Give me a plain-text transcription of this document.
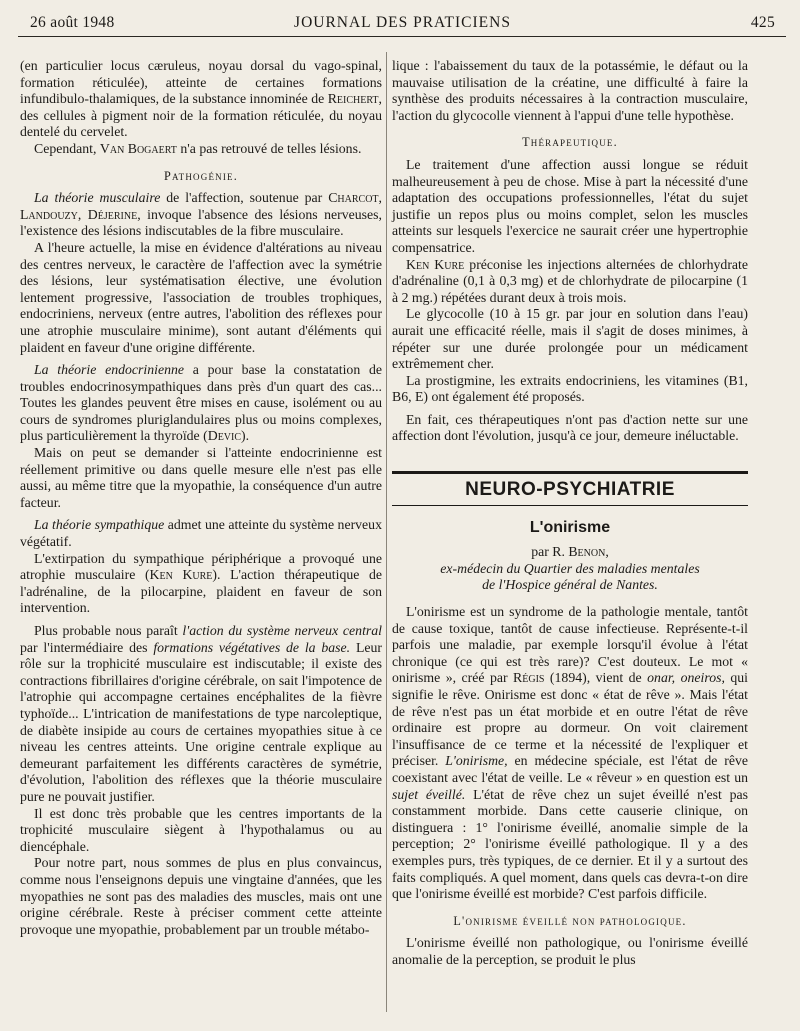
26 août 1948	JOURNAL DES PRATICIENS	425

(en particulier locus cæruleus, noyau dorsal du vago-spinal, formation réticulée), atteinte de certaines formations infundibulo-thalamiques, de la substance innominée de Reichert, des cellules à pigment noir de la formation réticulée, du noyau dentelé du cervelet.

Cependant, Van Bogaert n'a pas retrouvé de telles lésions.

Pathogénie.

La théorie musculaire de l'affection, soutenue par Charcot, Landouzy, Déjerine, invoque l'absence des lésions nerveuses, l'existence des lésions indiscutables de la fibre musculaire.

A l'heure actuelle, la mise en évidence d'altérations au niveau des centres nerveux, le caractère de l'affection avec la symétrie des lésions, leur systématisation élective, une évolution lentement progressive, l'association de troubles trophiques, endocriniens, nerveux (entre autres, l'abolition des réflexes pour une atrophie musculaire minime), sont autant d'éléments qui plaident en faveur d'une origine différente.

La théorie endocrinienne a pour base la constatation de troubles endocrinosympathiques dans près d'un quart des cas... Toutes les glandes peuvent être mises en cause, isolément ou au cours de syndromes pluriglandulaires plus ou moins complexes, plus particulièrement la thyroïde (Devic).

Mais on peut se demander si l'atteinte endocrinienne est réellement primitive ou dans quelle mesure elle n'est pas elle aussi, au même titre que la myopathie, la conséquence d'un autre facteur.

La théorie sympathique admet une atteinte du système nerveux végétatif.

L'extirpation du sympathique périphérique a provoqué une atrophie musculaire (Ken Kure). L'action thérapeutique de l'adrénaline, de la pilocarpine, plaident en faveur de son intervention.

Plus probable nous paraît l'action du système nerveux central par l'intermédiaire des formations végétatives de la base. Leur rôle sur la trophicité musculaire est indiscutable; il existe des contractions fibrillaires d'origine cérébrale, on sait l'impotence de l'atrophie qui accompagne certaines encéphalites de la fièvre typhoïde... L'intrication de manifestations de type narcoleptique, de diabète insipide au cours de certaines myopathies situe à ce niveau les centres atteints. Une origine centrale explique au demeurant parfaitement les différents caractères de symétrie, d'évolution, l'abolition des réflexes que la théorie musculaire pure ne pouvait justifier.

Il est donc très probable que les centres importants de la trophicité musculaire siègent à l'hypothalamus ou au diencéphale.

Pour notre part, nous sommes de plus en plus convaincus, comme nous l'enseignons depuis une vingtaine d'années, que les myopathies ne sont pas des maladies des muscles, mais ont une origine cérébrale. Reste à préciser comment cette atteinte provoque une myopathie, probablement par un trouble métabo-

lique : l'abaissement du taux de la potassémie, le défaut ou la mauvaise utilisation de la créatine, une difficulté à faire la synthèse des produits nécessaires à la contraction musculaire, l'action du glycocolle viennent à l'appui d'une telle hypothèse.

Thérapeutique.

Le traitement d'une affection aussi longue se réduit malheureusement à peu de chose. Mise à part la nécessité d'une adaptation des occupations professionnelles, l'état du sujet justifie un repos plus ou moins complet, selon les muscles atteints sur lesquels l'exercice ne saurait créer une hypertrophie compensatrice.

Ken Kure préconise les injections alternées de chlorhydrate d'adrénaline (0,1 à 0,3 mg) et de chlorhydrate de pilocarpine (1 à 2 mg.) répétées durant deux à trois mois.

Le glycocolle (10 à 15 gr. par jour en solution dans l'eau) aurait une efficacité réelle, mais il s'agit de doses minimes, à répéter sur une durée prolongée pour un médicament extrêmement cher.

La prostigmine, les extraits endocriniens, les vitamines (B1, B6, E) ont également été proposés.

En fait, ces thérapeutiques n'ont pas d'action nette sur une affection dont l'évolution, jusqu'à ce jour, demeure inéluctable.

NEURO-PSYCHIATRIE
L'onirisme
par R. Benon,
ex-médecin du Quartier des maladies mentales
de l'Hospice général de Nantes.

L'onirisme est un syndrome de la pathologie mentale, tantôt de cause toxique, tantôt de cause infectieuse. Représente-t-il parfois une maladie, par exemple lorsqu'il évolue à l'état chronique (ce qui est très rare)? C'est douteux. Le mot « onirisme », créé par Régis (1894), vient de onar, oneiros, qui signifie le rêve. Onirisme est donc « état de rêve ». Mais l'état de rêve n'est pas un état morbide et en outre l'état de rêve ordinaire est propre au dormeur. On voit clairement l'insuffisance de ce terme et la nécessité de l'expliquer et préciser. L'onirisme, en médecine spéciale, est l'état de rêve coexistant avec l'état de veille. Le « rêveur » en question est un sujet éveillé. L'état de rêve chez un sujet éveillé n'est pas constamment morbide. Dans cette causerie clinique, on distinguera : 1° l'onirisme éveillé, anomalie simple de la perception; 2° l'onirisme éveillé pathologique. Il y a des exemples purs, très typiques, de ce dernier. Et il y a surtout des faits compliqués. A quel moment, dans quels cas devra-t-on dire que l'onirisme éveillé est morbide? C'est parfois difficile.

L'onirisme éveillé non pathologique.

L'onirisme éveillé non pathologique, ou l'onirisme éveillé anomalie de la perception, se produit le plus
